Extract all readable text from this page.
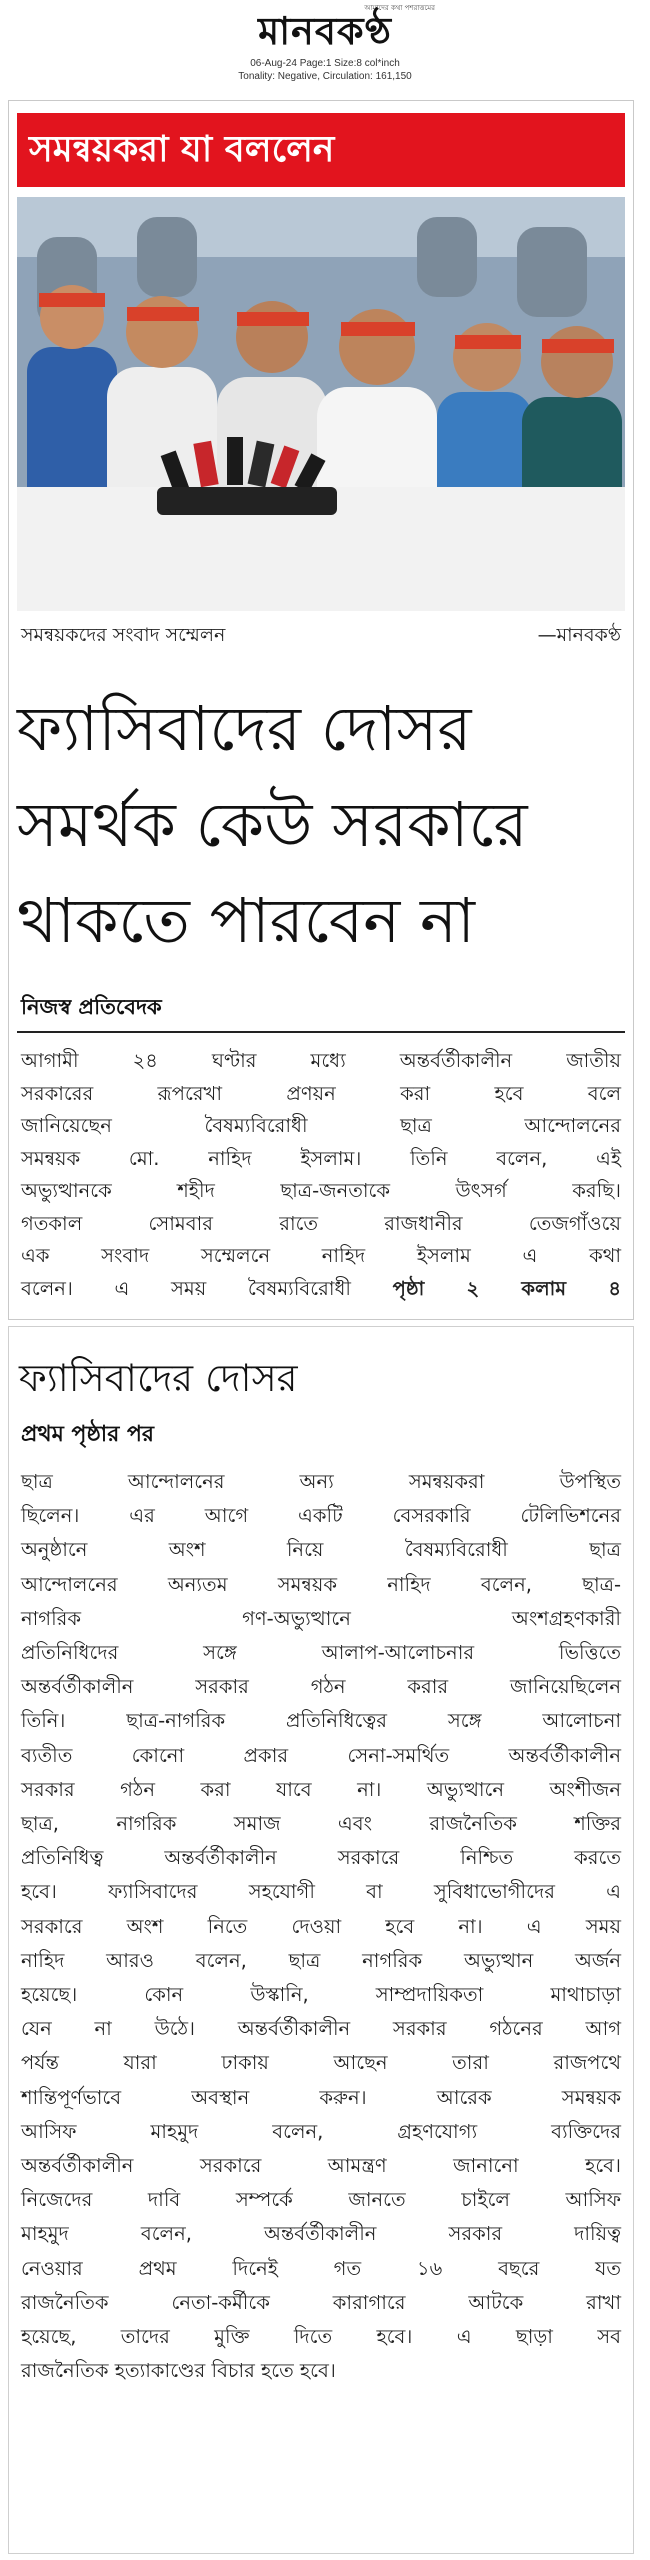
আমাদের কথা পশরাত্তমের
মানবকণ্ঠ
06-Aug-24 Page:1 Size:8 col*inch
Tonality: Negative, Circulation: 161,150
সমন্বয়করা যা বললেন
সমন্বয়কদের সংবাদ সম্মেলন	—মানবকণ্ঠ
ফ্যাসিবাদের দোসর
সমর্থক কেউ সরকারে
থাকতে পারবেন না
নিজস্ব প্রতিবেদক
আগামী ২৪ ঘণ্টার মধ্যে অন্তর্বর্তীকালীন জাতীয়
সরকারের রূপরেখা প্রণয়ন করা হবে বলে
জানিয়েছেন বৈষম্যবিরোধী ছাত্র আন্দোলনের
সমন্বয়ক মো. নাহিদ ইসলাম। তিনি বলেন, এই
অভ্যুত্থানকে শহীদ ছাত্র-জনতাকে উৎসর্গ করছি।
গতকাল সোমবার রাতে রাজধানীর তেজগাঁওয়ে
এক সংবাদ সম্মেলনে নাহিদ ইসলাম এ কথা
বলেন। এ সময় বৈষম্যবিরোধী পৃষ্ঠা ২ কলাম ৪
ফ্যাসিবাদের দোসর
প্রথম পৃষ্ঠার পর
ছাত্র আন্দোলনের অন্য সমন্বয়করা উপস্থিত
ছিলেন। এর আগে একটি বেসরকারি টেলিভিশনের
অনুষ্ঠানে অংশ নিয়ে বৈষম্যবিরোধী ছাত্র
আন্দোলনের অন্যতম সমন্বয়ক নাহিদ বলেন, ছাত্র-
নাগরিক গণ-অভ্যুত্থানে অংশগ্রহণকারী
প্রতিনিধিদের সঙ্গে আলাপ-আলোচনার ভিত্তিতে
অন্তর্বর্তীকালীন সরকার গঠন করার জানিয়েছিলেন
তিনি। ছাত্র-নাগরিক প্রতিনিধিত্বের সঙ্গে আলোচনা
ব্যতীত কোনো প্রকার সেনা-সমর্থিত অন্তর্বর্তীকালীন
সরকার গঠন করা যাবে না। অভ্যুত্থানে অংশীজন
ছাত্র, নাগরিক সমাজ এবং রাজনৈতিক শক্তির
প্রতিনিধিত্ব অন্তর্বর্তীকালীন সরকারে নিশ্চিত করতে
হবে। ফ্যাসিবাদের সহযোগী বা সুবিধাভোগীদের এ
সরকারে অংশ নিতে দেওয়া হবে না। এ সময়
নাহিদ আরও বলেন, ছাত্র নাগরিক অভ্যুত্থান অর্জন
হয়েছে। কোন উস্কানি, সাম্প্রদায়িকতা মাথাচাড়া
যেন না উঠে। অন্তর্বর্তীকালীন সরকার গঠনের আগ
পর্যন্ত যারা ঢাকায় আছেন তারা রাজপথে
শান্তিপূর্ণভাবে অবস্থান করুন। আরেক সমন্বয়ক
আসিফ মাহমুদ বলেন, গ্রহণযোগ্য ব্যক্তিদের
অন্তর্বর্তীকালীন সরকারে আমন্ত্রণ জানানো হবে।
নিজেদের দাবি সম্পর্কে জানতে চাইলে আসিফ
মাহমুদ বলেন, অন্তর্বর্তীকালীন সরকার দায়িত্ব
নেওয়ার প্রথম দিনেই গত ১৬ বছরে যত
রাজনৈতিক নেতা-কর্মীকে কারাগারে আটকে রাখা
হয়েছে, তাদের মুক্তি দিতে হবে। এ ছাড়া সব
রাজনৈতিক হত্যাকাণ্ডের বিচার হতে হবে।
